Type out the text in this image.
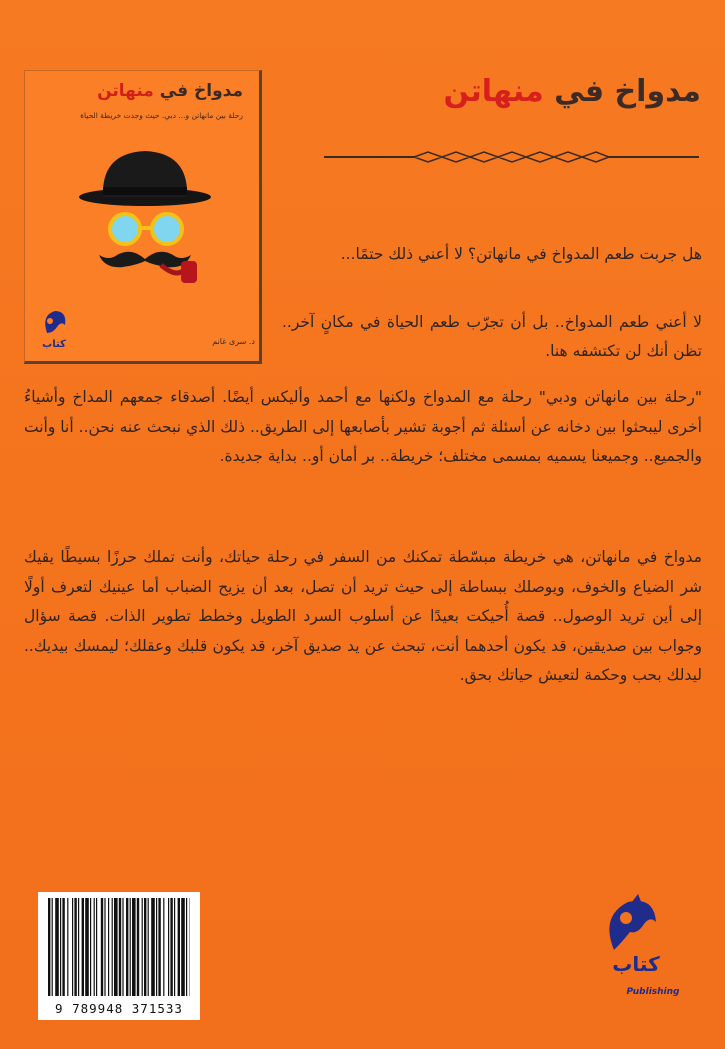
مدواخ في منهاتن
رحلة بين مانهاتن و... دبي. حيث وجدت خريطة الحياة
كتاب	د. سرى غانم
مدواخ في منهاتن

هل جربت طعم المدواخ في مانهاتن؟ لا أعني ذلك حتمًا...

لا أعني طعم المدواخ.. بل أن تجرّب طعم الحياة في مكانٍ آخر.. تظن أنك لن تكتشفه هنا.

"رحلة بين مانهاتن ودبي" رحلة مع المدواخ ولكنها مع أحمد وأليكس أيضًا. أصدقاء جمعهم المداخ وأشياءُ أخرى ليبحثوا بين دخانه عن أسئلة ثم أجوبة تشير بأصابعها إلى الطريق.. ذلك الذي نبحث عنه نحن.. أنا وأنت والجميع.. وجميعنا يسميه بمسمى مختلف؛ خريطة.. بر أمان أو.. بداية جديدة.
مدواخ في مانهاتن، هي خريطة مبسّطة تمكنك من السفر في رحلة حياتك، وأنت تملك حرزًا بسيطًا يقيك شر الضياع والخوف، ويوصلك ببساطة إلى حيث تريد أن تصل، بعد أن يزيح الضباب أما عينيك لتعرف أولًا إلى أين تريد الوصول.. قصة أُحيكت بعيدًا عن أسلوب السرد الطويل وخطط تطوير الذات. قصة سؤال وجواب بين صديقين، قد يكون أحدهما أنت، تبحث عن يد صديق آخر، قد يكون قلبك وعقلك؛ ليمسك بيديك.. ليدلك بحب وحكمة لتعيش حياتك بحق.
9 789948 371533
كتاب
Publishing
